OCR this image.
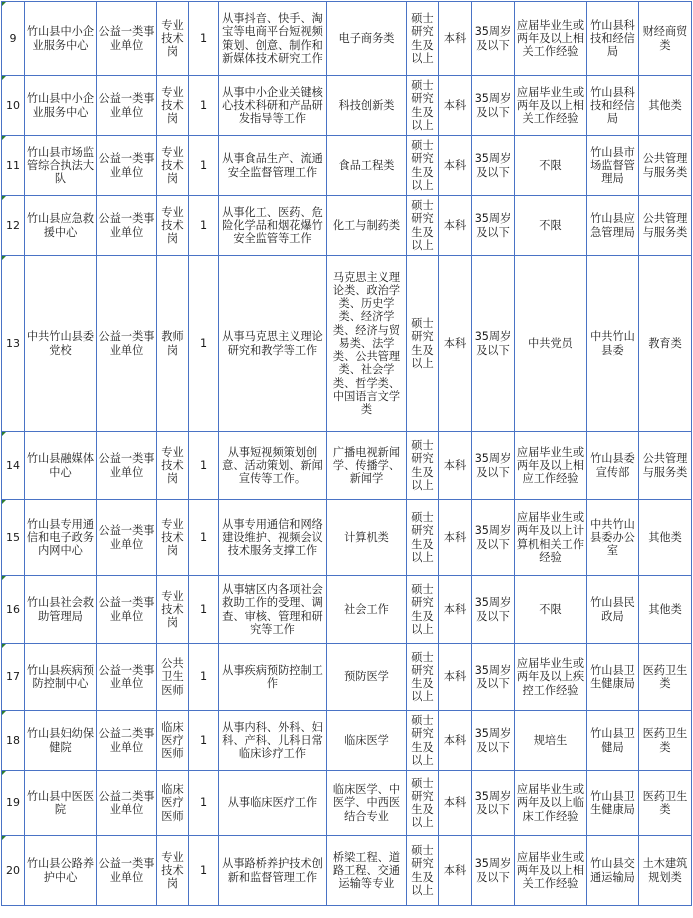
9	竹山县中小企业服务中心	公益一类事业单位	专业技术岗	1	从事抖音、快手、淘宝等电商平台短视频策划、创意、制作和新媒体技术研究工作	电子商务类	硕士研究生及以上	本科	35周岁及以下	应届毕业生或两年及以上相关工作经验	竹山县科技和经信局	财经商贸类
10	竹山县中小企业服务中心	公益一类事业单位	专业技术岗	1	从事中小企业关键核心技术科研和产品研发指导等工作	科技创新类	硕士研究生及以上	本科	35周岁及以下	应届毕业生或两年及以上相关工作经验	竹山县科技和经信局	其他类
11	竹山县市场监管综合执法大队	公益一类事业单位	专业技术岗	1	从事食品生产、流通安全监督管理工作	食品工程类	硕士研究生及以上	本科	35周岁及以下	不限	竹山县市场监督管理局	公共管理与服务类
12	竹山县应急救援中心	公益一类事业单位	专业技术岗	1	从事化工、医药、危险化学品和烟花爆竹安全监管等工作	化工与制药类	硕士研究生及以上	本科	35周岁及以下	不限	竹山县应急管理局	公共管理与服务类
13	中共竹山县委党校	公益一类事业单位	教师岗	1	从事马克思主义理论研究和教学等工作	马克思主义理论类、政治学类、历史学类、经济学类、经济与贸易类、法学类、公共管理类、社会学类、哲学类、中国语言文学类	硕士研究生及以上	本科	35周岁及以下	中共党员	中共竹山县委	教育类
14	竹山县融媒体中心	公益一类事业单位	专业技术岗	1	从事短视频策划创意、活动策划、新闻宣传等工作。	广播电视新闻学、传播学、新闻学	硕士研究生及以上	本科	35周岁及以下	应届毕业生或两年及以上相应工作经验	竹山县委宣传部	公共管理与服务类
15	竹山县专用通信和电子政务内网中心	公益一类事业单位	专业技术岗	1	从事专用通信和网络建设维护、视频会议技术服务支撑工作	计算机类	硕士研究生及以上	本科	35周岁及以下	应届毕业生或两年及以上计算机相关工作经验	中共竹山县委办公室	其他类
16	竹山县社会救助管理局	公益一类事业单位	专业技术岗	1	从事辖区内各项社会救助工作的受理、调查、审核、管理和研究等工作	社会工作	硕士研究生及以上	本科	35周岁及以下	不限	竹山县民政局	其他类
17	竹山县疾病预防控制中心	公益一类事业单位	公共卫生医师	1	从事疾病预防控制工作	预防医学	硕士研究生及以上	本科	35周岁及以下	应届毕业生或两年及以上疾控工作经验	竹山县卫生健康局	医药卫生类
18	竹山县妇幼保健院	公益二类事业单位	临床医疗医师	1	从事内科、外科、妇科、产科、儿科日常临床诊疗工作	临床医学	硕士研究生及以上	本科	35周岁及以下	规培生	竹山县卫健局	医药卫生类
19	竹山县中医医院	公益二类事业单位	临床医疗医师	1	从事临床医疗工作	临床医学、中医学、中西医结合专业	硕士研究生及以上	本科	35周岁及以下	应届毕业生或两年及以上临床工作经验	竹山县卫生健康局	医药卫生类
20	竹山县公路养护中心	公益一类事业单位	专业技术岗	1	从事路桥养护技术创新和监督管理工作	桥梁工程、道路工程、交通运输等专业	硕士研究生及以上	本科	35周岁及以下	应届毕业生或两年及以上相关工作经验	竹山县交通运输局	土木建筑规划类
